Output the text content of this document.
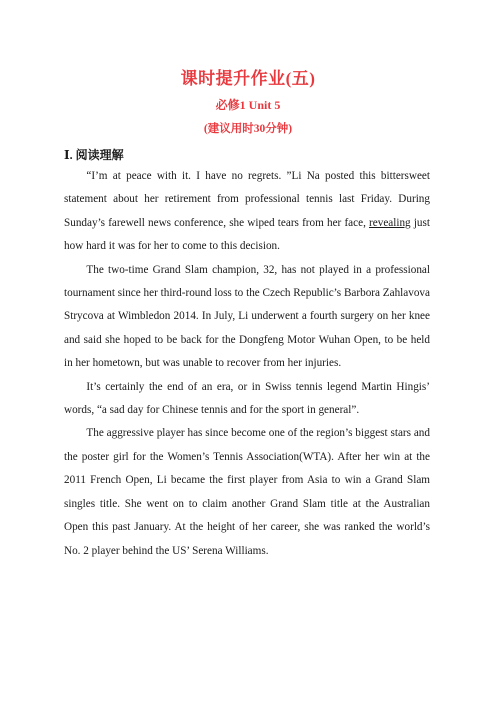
课时提升作业(五)
必修1 Unit 5
(建议用时30分钟)
Ⅰ. 阅读理解

“I’m at peace with it. I have no regrets. ”Li Na posted this bittersweet statement about her retirement from professional tennis last Friday. During Sunday’s farewell news conference, she wiped tears from her face, revealing just how hard it was for her to come to this decision.

The two-time Grand Slam champion, 32, has not played in a professional tournament since her third-round loss to the Czech Republic’s Barbora Zahlavova Strycova at Wimbledon 2014. In July, Li underwent a fourth surgery on her knee and said she hoped to be back for the Dongfeng Motor Wuhan Open, to be held in her hometown, but was unable to recover from her injuries.

It’s certainly the end of an era, or in Swiss tennis legend Martin Hingis’ words, “a sad day for Chinese tennis and for the sport in general”.

The aggressive player has since become one of the region’s biggest stars and the poster girl for the Women’s Tennis Association(WTA). After her win at the 2011 French Open, Li became the first player from Asia to win a Grand Slam singles title. She went on to claim another Grand Slam title at the Australian Open this past January. At the height of her career, she was ranked the world’s No. 2 player behind the US’ Serena Williams.
